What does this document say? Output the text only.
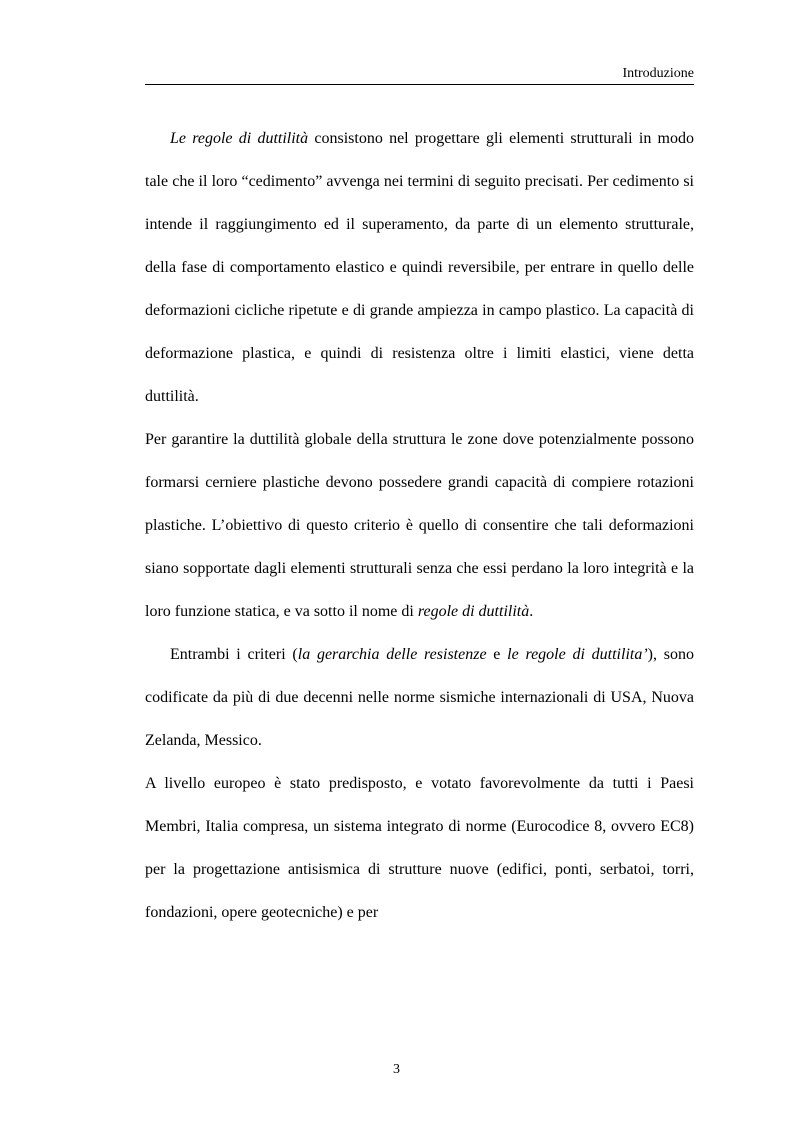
Introduzione

Le regole di duttilità consistono nel progettare gli elementi strutturali in modo tale che il loro “cedimento” avvenga nei termini di seguito precisati. Per cedimento si intende il raggiungimento ed il superamento, da parte di un elemento strutturale, della fase di comportamento elastico e quindi reversibile, per entrare in quello delle deformazioni cicliche ripetute e di grande ampiezza in campo plastico. La capacità di deformazione plastica, e quindi di resistenza oltre i limiti elastici, viene detta duttilità.

Per garantire la duttilità globale della struttura le zone dove potenzialmente possono formarsi cerniere plastiche devono possedere grandi capacità di compiere rotazioni plastiche. L’obiettivo di questo criterio è quello di consentire che tali deformazioni siano sopportate dagli elementi strutturali senza che essi perdano la loro integrità e la loro funzione statica, e va sotto il nome di regole di duttilità.

Entrambi i criteri (la gerarchia delle resistenze e le regole di duttilita’), sono codificate da più di due decenni nelle norme sismiche internazionali di USA, Nuova Zelanda, Messico.

A livello europeo è stato predisposto, e votato favorevolmente da tutti i Paesi Membri, Italia compresa, un sistema integrato di norme (Eurocodice 8, ovvero EC8) per la progettazione antisismica di strutture nuove (edifici, ponti, serbatoi, torri, fondazioni, opere geotecniche) e per

3
